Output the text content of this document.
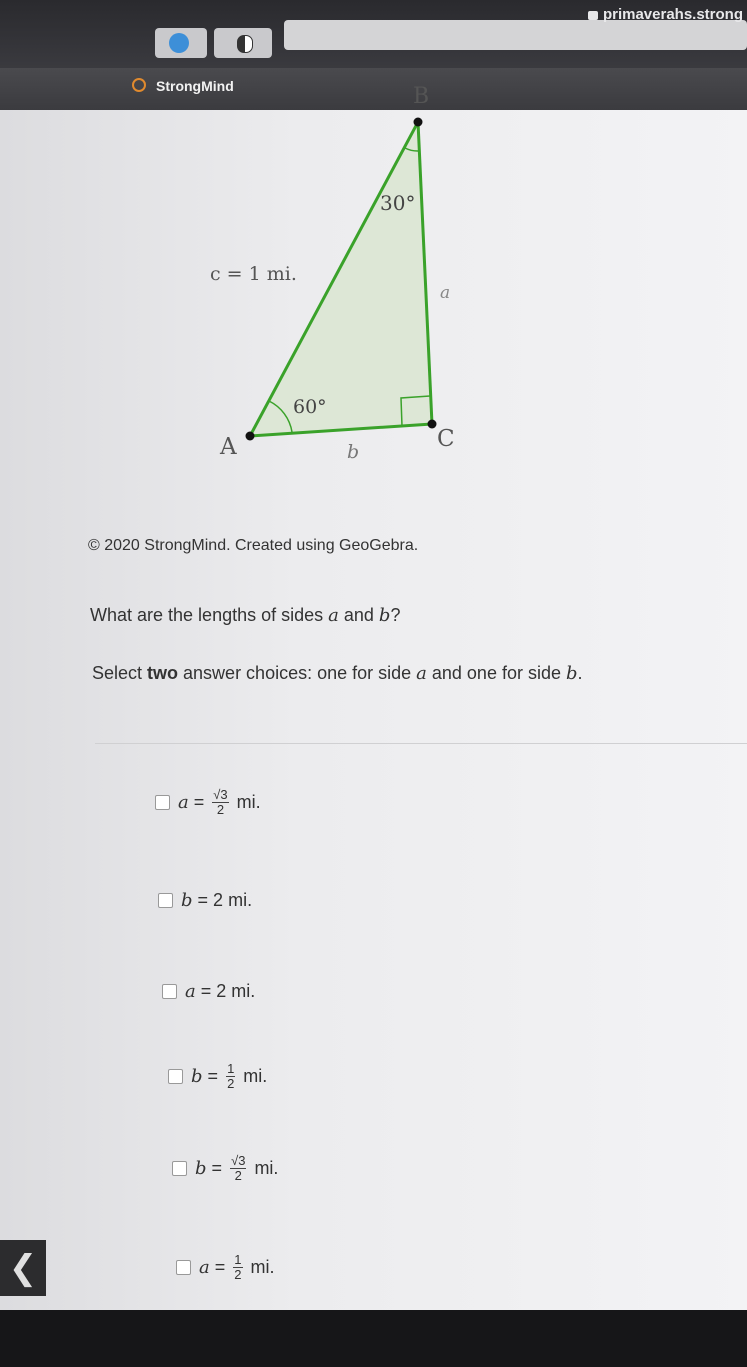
primaverahs.strong
StrongMind	B
30°
c = 1 mi.
a
60°
A	b	C
© 2020 StrongMind. Created using GeoGebra.
What are the lengths of sides a and b?
Select two answer choices: one for side a and one for side b.
a
= $\frac{√3}{2}$ mi.
b
= 2 mi.
a
= 2 mi.
b
= $\frac{1}{2}$ mi.
b
= $\frac{√3}{2}$ mi.
a
= $\frac{1}{2}$ mi.
❮
